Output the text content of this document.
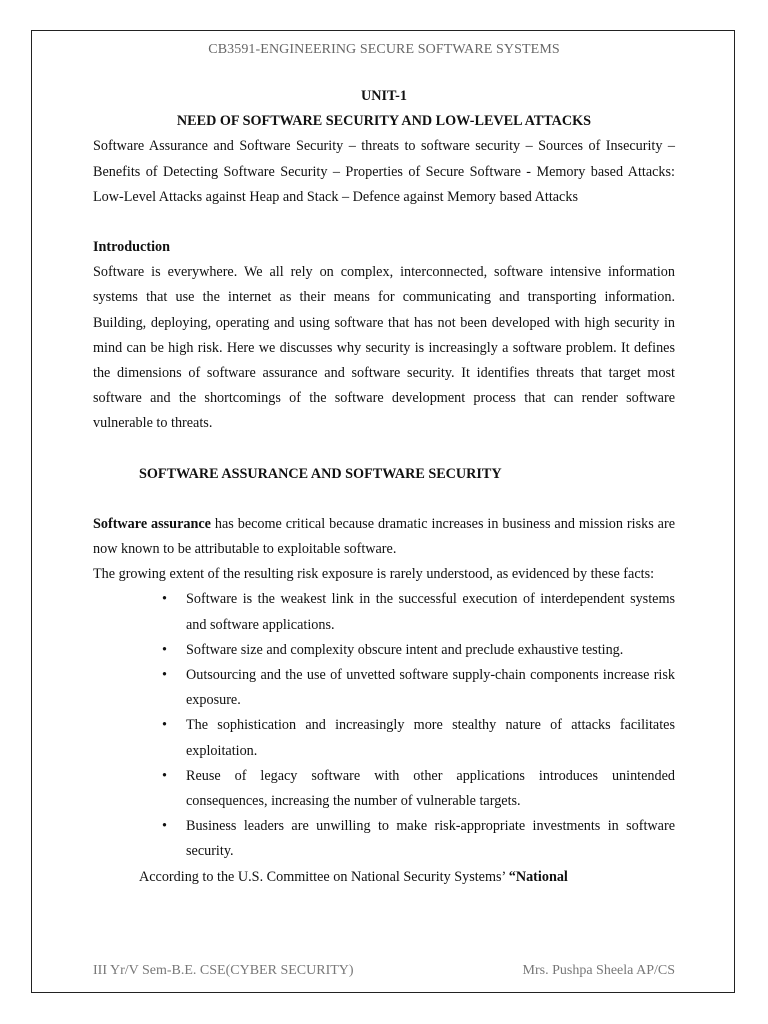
CB3591-ENGINEERING SECURE SOFTWARE SYSTEMS
UNIT-1
NEED OF SOFTWARE SECURITY AND LOW-LEVEL ATTACKS

Software Assurance and Software Security – threats to software security – Sources of Insecurity – Benefits of Detecting Software Security – Properties of Secure Software - Memory based Attacks: Low-Level Attacks against Heap and Stack – Defence against Memory based Attacks

Introduction

Software is everywhere. We all rely on complex, interconnected, software intensive information systems that use the internet as their means for communicating and transporting information. Building, deploying, operating and using software that has not been developed with high security in mind can be high risk. Here we discusses why security is increasingly a software problem. It defines the dimensions of software assurance and software security. It identifies threats that target most software and the shortcomings of the software development process that can render software vulnerable to threats.

SOFTWARE ASSURANCE AND SOFTWARE SECURITY

Software assurance has become critical because dramatic increases in business and mission risks are now known to be attributable to exploitable software.

The growing extent of the resulting risk exposure is rarely understood, as evidenced by these facts:

• Software is the weakest link in the successful execution of interdependent systems and software applications.
• Software size and complexity obscure intent and preclude exhaustive testing.
• Outsourcing and the use of unvetted software supply-chain components increase risk exposure.
• The sophistication and increasingly more stealthy nature of attacks facilitates exploitation.
• Reuse of legacy software with other applications introduces unintended consequences, increasing the number of vulnerable targets.
• Business leaders are unwilling to make risk-appropriate investments in software security.

According to the U.S. Committee on National Security Systems’ “National

III Yr/V Sem-B.E. CSE(CYBER SECURITY)	Mrs. Pushpa Sheela AP/CS
